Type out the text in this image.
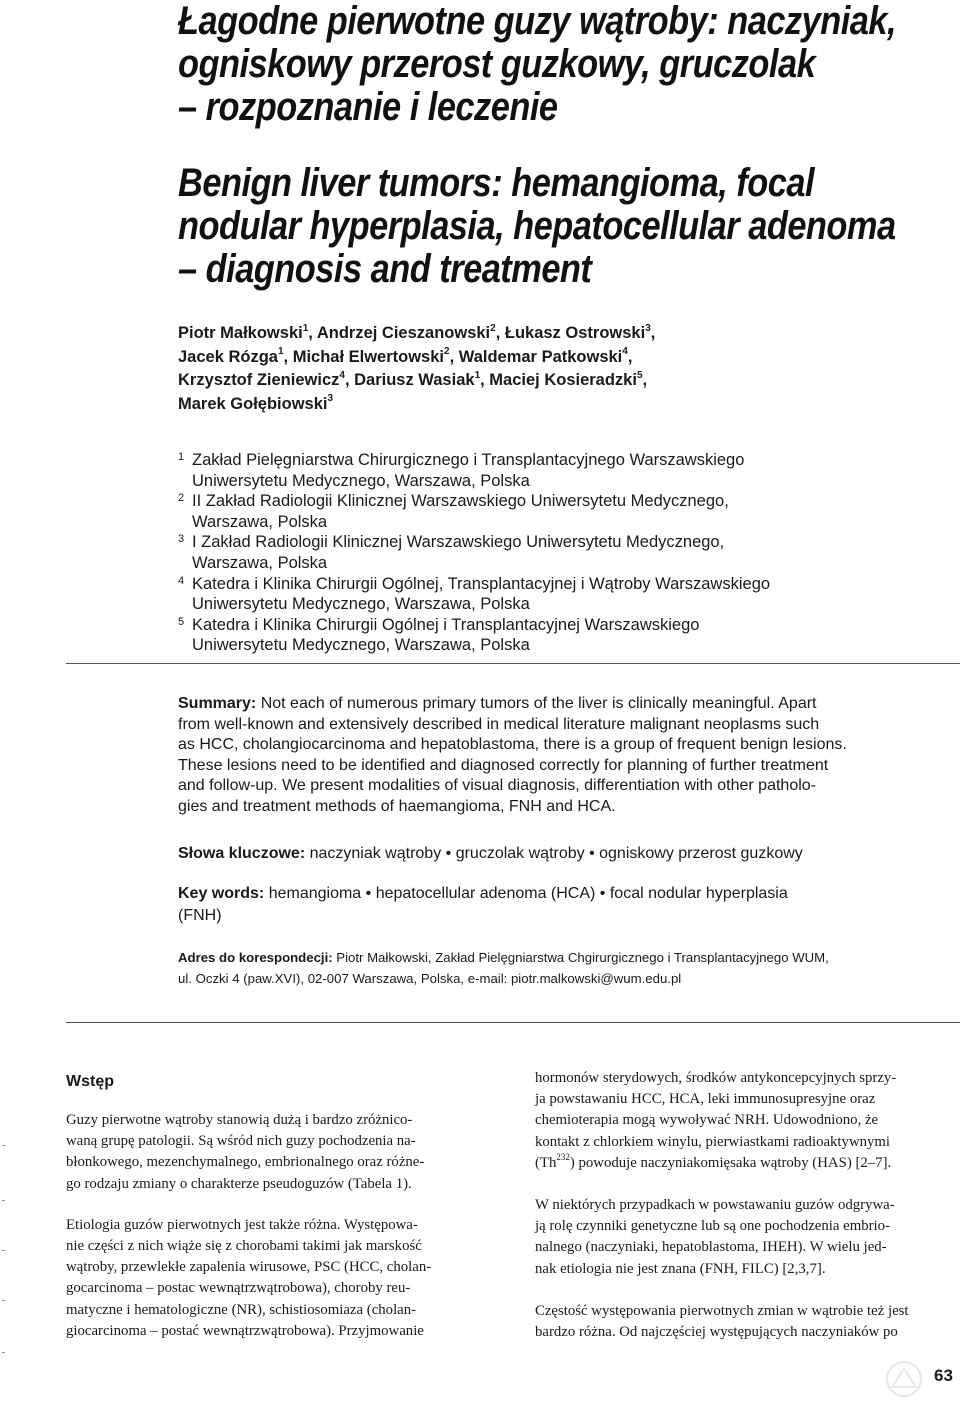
Łagodne pierwotne guzy wątroby: naczyniak,
ogniskowy przerost guzkowy, gruczolak
– rozpoznanie i leczenie
Benign liver tumors: hemangioma, focal
nodular hyperplasia, hepatocellular adenoma
– diagnosis and treatment
Piotr Małkowski$^1$, Andrzej Cieszanowski$^2$, Łukasz Ostrowski$^3$,
Jacek Rózga$^1$, Michał Elwertowski$^2$, Waldemar Patkowski$^4$,
Krzysztof Zieniewicz$^4$, Dariusz Wasiak$^1$, Maciej Kosieradzki$^5$,
Marek Gołębiowski$^3$
1 Zakład Pielęgniarstwa Chirurgicznego i Transplantacyjnego Warszawskiego
Uniwersytetu Medycznego, Warszawa, Polska
2 II Zakład Radiologii Klinicznej Warszawskiego Uniwersytetu Medycznego,
Warszawa, Polska
3 I Zakład Radiologii Klinicznej Warszawskiego Uniwersytetu Medycznego,
Warszawa, Polska
4 Katedra i Klinika Chirurgii Ogólnej, Transplantacyjnej i Wątroby Warszawskiego
Uniwersytetu Medycznego, Warszawa, Polska
5 Katedra i Klinika Chirurgii Ogólnej i Transplantacyjnej Warszawskiego
Uniwersytetu Medycznego, Warszawa, Polska
Summary: Not each of numerous primary tumors of the liver is clinically meaningful. Apart
from well-known and extensively described in medical literature malignant neoplasms such
as HCC, cholangiocarcinoma and hepatoblastoma, there is a group of frequent benign lesions.
These lesions need to be identified and diagnosed correctly for planning of further treatment
and follow-up. We present modalities of visual diagnosis, differentiation with other patholo-
gies and treatment methods of haemangioma, FNH and HCA.
Słowa kluczowe: naczyniak wątroby • gruczolak wątroby • ogniskowy przerost guzkowy
Key words: hemangioma • hepatocellular adenoma (HCA) • focal nodular hyperplasia
(FNH)
Adres do korespondecji: Piotr Małkowski, Zakład Pielęgniarstwa Chgirurgicznego i Transplantacyjnego WUM,
ul. Oczki 4 (paw.XVI), 02-007 Warszawa, Polska, e-mail: piotr.malkowski@wum.edu.pl
Wstęp

Guzy pierwotne wątroby stanowią dużą i bardzo zróżnico-
waną grupę patologii. Są wśród nich guzy pochodzenia na-
błonkowego, mezenchymalnego, embrionalnego oraz różne-
go rodzaju zmiany o charakterze pseudoguzów (Tabela 1).

Etiologia guzów pierwotnych jest także różna. Występowa-
nie części z nich wiąże się z chorobami takimi jak marskość
wątroby, przewlekłe zapalenia wirusowe, PSC (HCC, cholan-
gocarcinoma – postac wewnątrzwątrobowa), choroby reu-
matyczne i hematologiczne (NR), schistiosomiaza (cholan-
giocarcinoma – postać wewnątrzwątrobowa). Przyjmowanie

hormonów sterydowych, środków antykoncepcyjnych sprzy-
ja powstawaniu HCC, HCA, leki immunosupresyjne oraz
chemioterapia mogą wywoływać NRH. Udowodniono, że
kontakt z chlorkiem winylu, pierwiastkami radioaktywnymi
(Th$^{232}$) powoduje naczyniakomięsaka wątroby (HAS) [2–7].

W niektórych przypadkach w powstawaniu guzów odgrywa-
ją rolę czynniki genetyczne lub są one pochodzenia embrio-
nalnego (naczyniaki, hepatoblastoma, IHEH). W wielu jed-
nak etiologia nie jest znana (FNH, FILC) [2,3,7].

Częstość występowania pierwotnych zmian w wątrobie też jest
bardzo różna. Od najczęściej występujących naczyniaków po

63
